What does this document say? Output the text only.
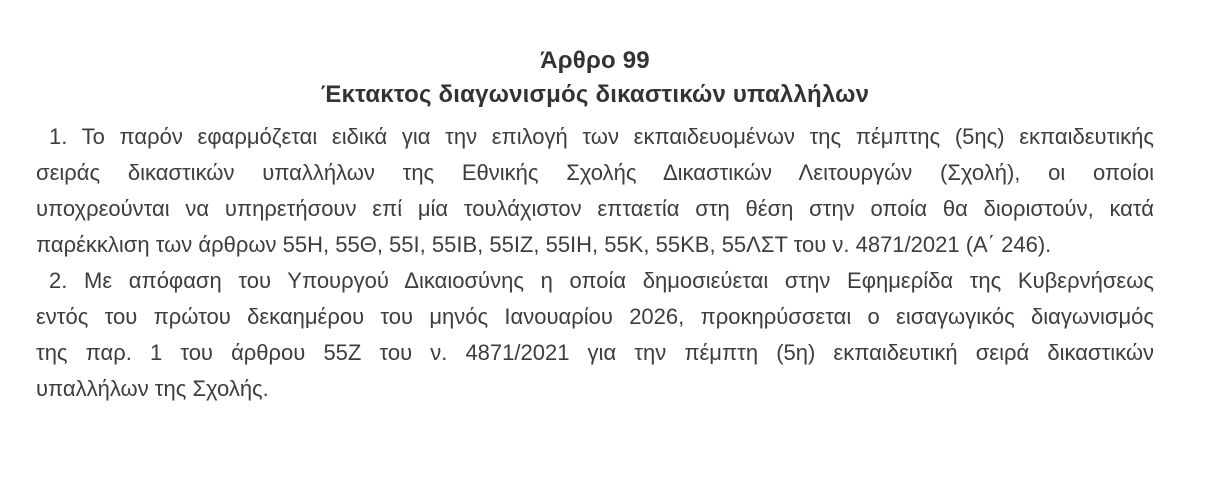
Άρθρο 99
Έκτακτος διαγωνισμός δικαστικών υπαλλήλων
1. Το παρόν εφαρμόζεται ειδικά για την επιλογή των εκπαιδευομένων της πέμπτης (5ης) εκπαιδευτικής
σειράς δικαστικών υπαλλήλων της Εθνικής Σχολής Δικαστικών Λειτουργών (Σχολή), οι οποίοι
υποχρεούνται να υπηρετήσουν επί μία τουλάχιστον επταετία στη θέση στην οποία θα διοριστούν, κατά
παρέκκλιση των άρθρων 55Η, 55Θ, 55Ι, 55ΙΒ, 55ΙΖ, 55ΙΗ, 55Κ, 55ΚΒ, 55ΛΣΤ του ν. 4871/2021 (Α΄ 246).
2. Με απόφαση του Υπουργού Δικαιοσύνης η οποία δημοσιεύεται στην Εφημερίδα της Κυβερνήσεως
εντός του πρώτου δεκαημέρου του μηνός Ιανουαρίου 2026, προκηρύσσεται ο εισαγωγικός διαγωνισμός
της παρ. 1 του άρθρου 55Ζ του ν. 4871/2021 για την πέμπτη (5η) εκπαιδευτική σειρά δικαστικών
υπαλλήλων της Σχολής.
